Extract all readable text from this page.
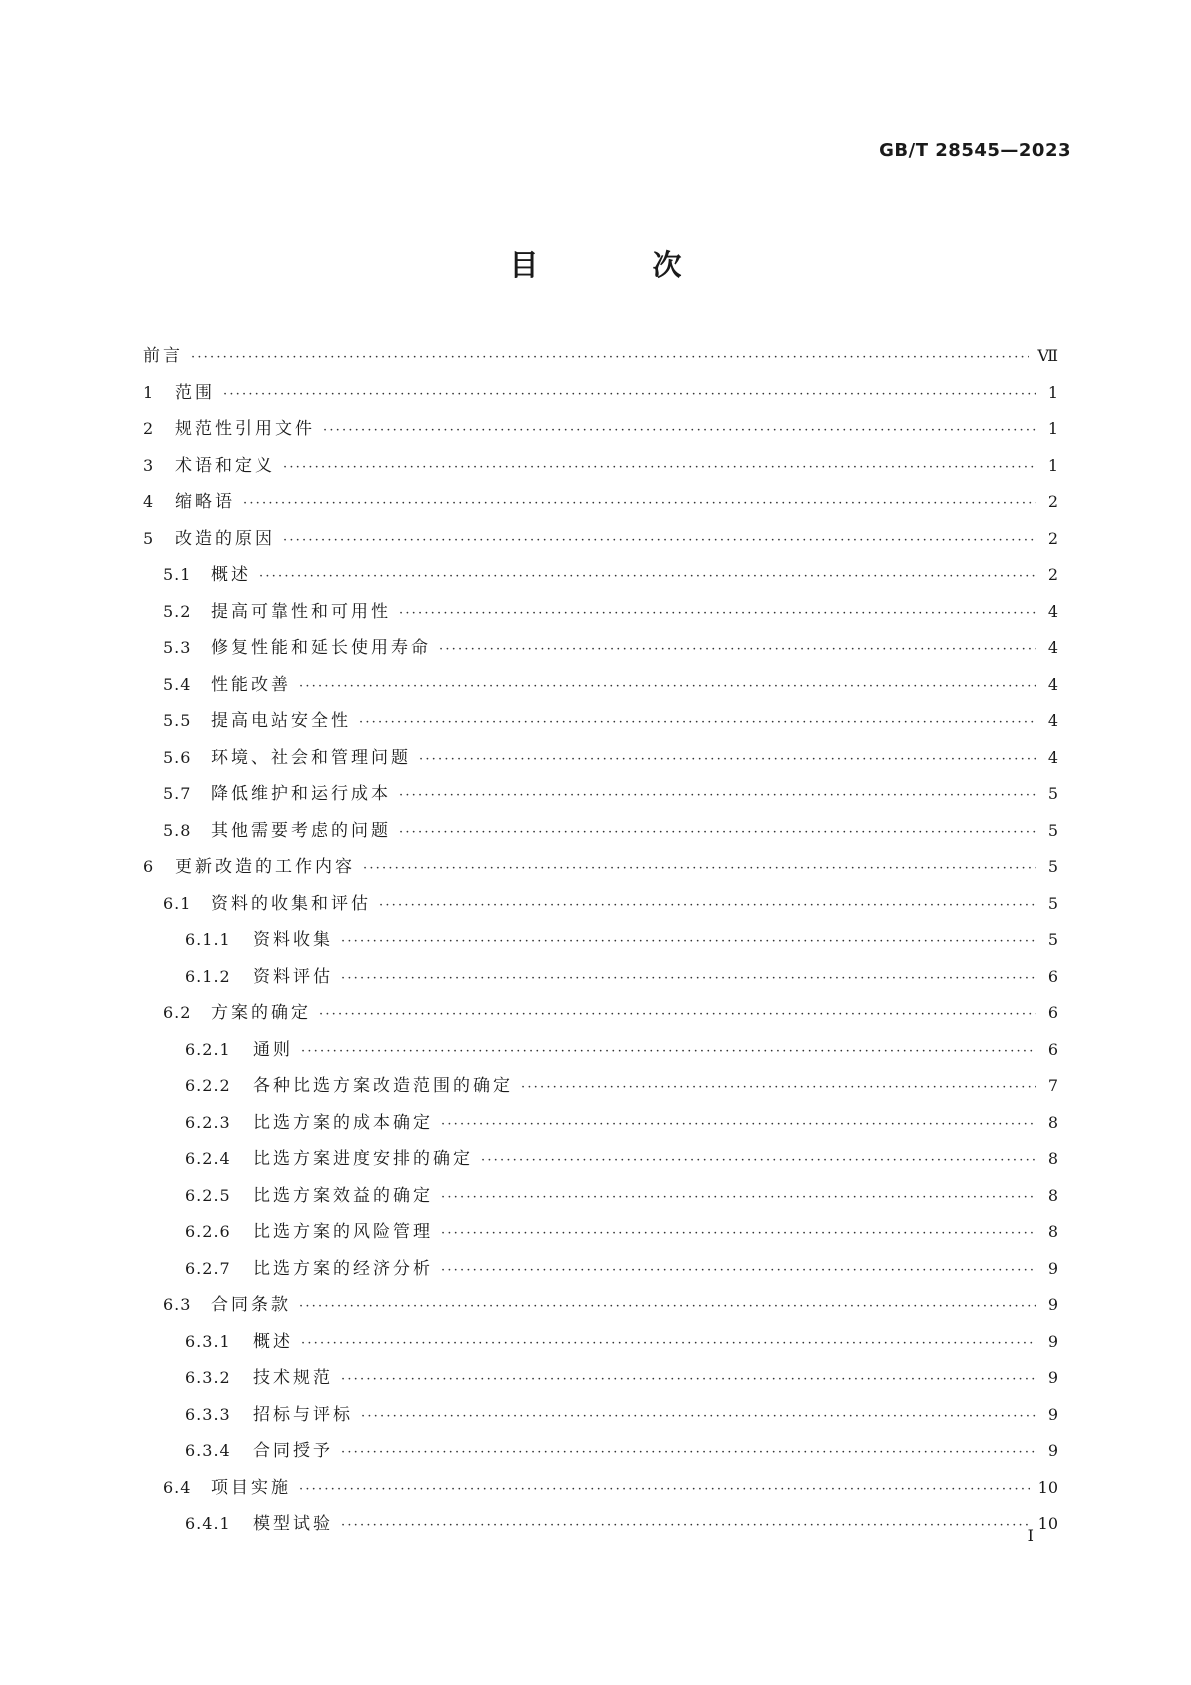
GB/T 28545—2023
目 次
前言 ·····	Ⅶ
1	范围 ·····	1
2	规范性引用文件 ·····	1
3	术语和定义 ·····	1
4	缩略语 ·····	2
5	改造的原因 ·····	2
5.1	概述 ·····	2
5.2	提高可靠性和可用性 ·····	4
5.3	修复性能和延长使用寿命 ·····	4
5.4	性能改善 ·····	4
5.5	提高电站安全性 ·····	4
5.6	环境、社会和管理问题 ·····	4
5.7	降低维护和运行成本 ·····	5
5.8	其他需要考虑的问题 ·····	5
6	更新改造的工作内容 ·····	5
6.1	资料的收集和评估 ·····	5
6.1.1	资料收集 ·····	5
6.1.2	资料评估 ·····	6
6.2	方案的确定 ·····	6
6.2.1	通则 ·····	6
6.2.2	各种比选方案改造范围的确定 ·····	7
6.2.3	比选方案的成本确定 ·····	8
6.2.4	比选方案进度安排的确定 ·····	8
6.2.5	比选方案效益的确定 ·····	8
6.2.6	比选方案的风险管理 ·····	8
6.2.7	比选方案的经济分析 ·····	9
6.3	合同条款 ·····	9
6.3.1	概述 ·····	9
6.3.2	技术规范 ·····	9
6.3.3	招标与评标 ·····	9
6.3.4	合同授予 ·····	9
6.4	项目实施 ·····	10
6.4.1	模型试验 ·····	10
I
